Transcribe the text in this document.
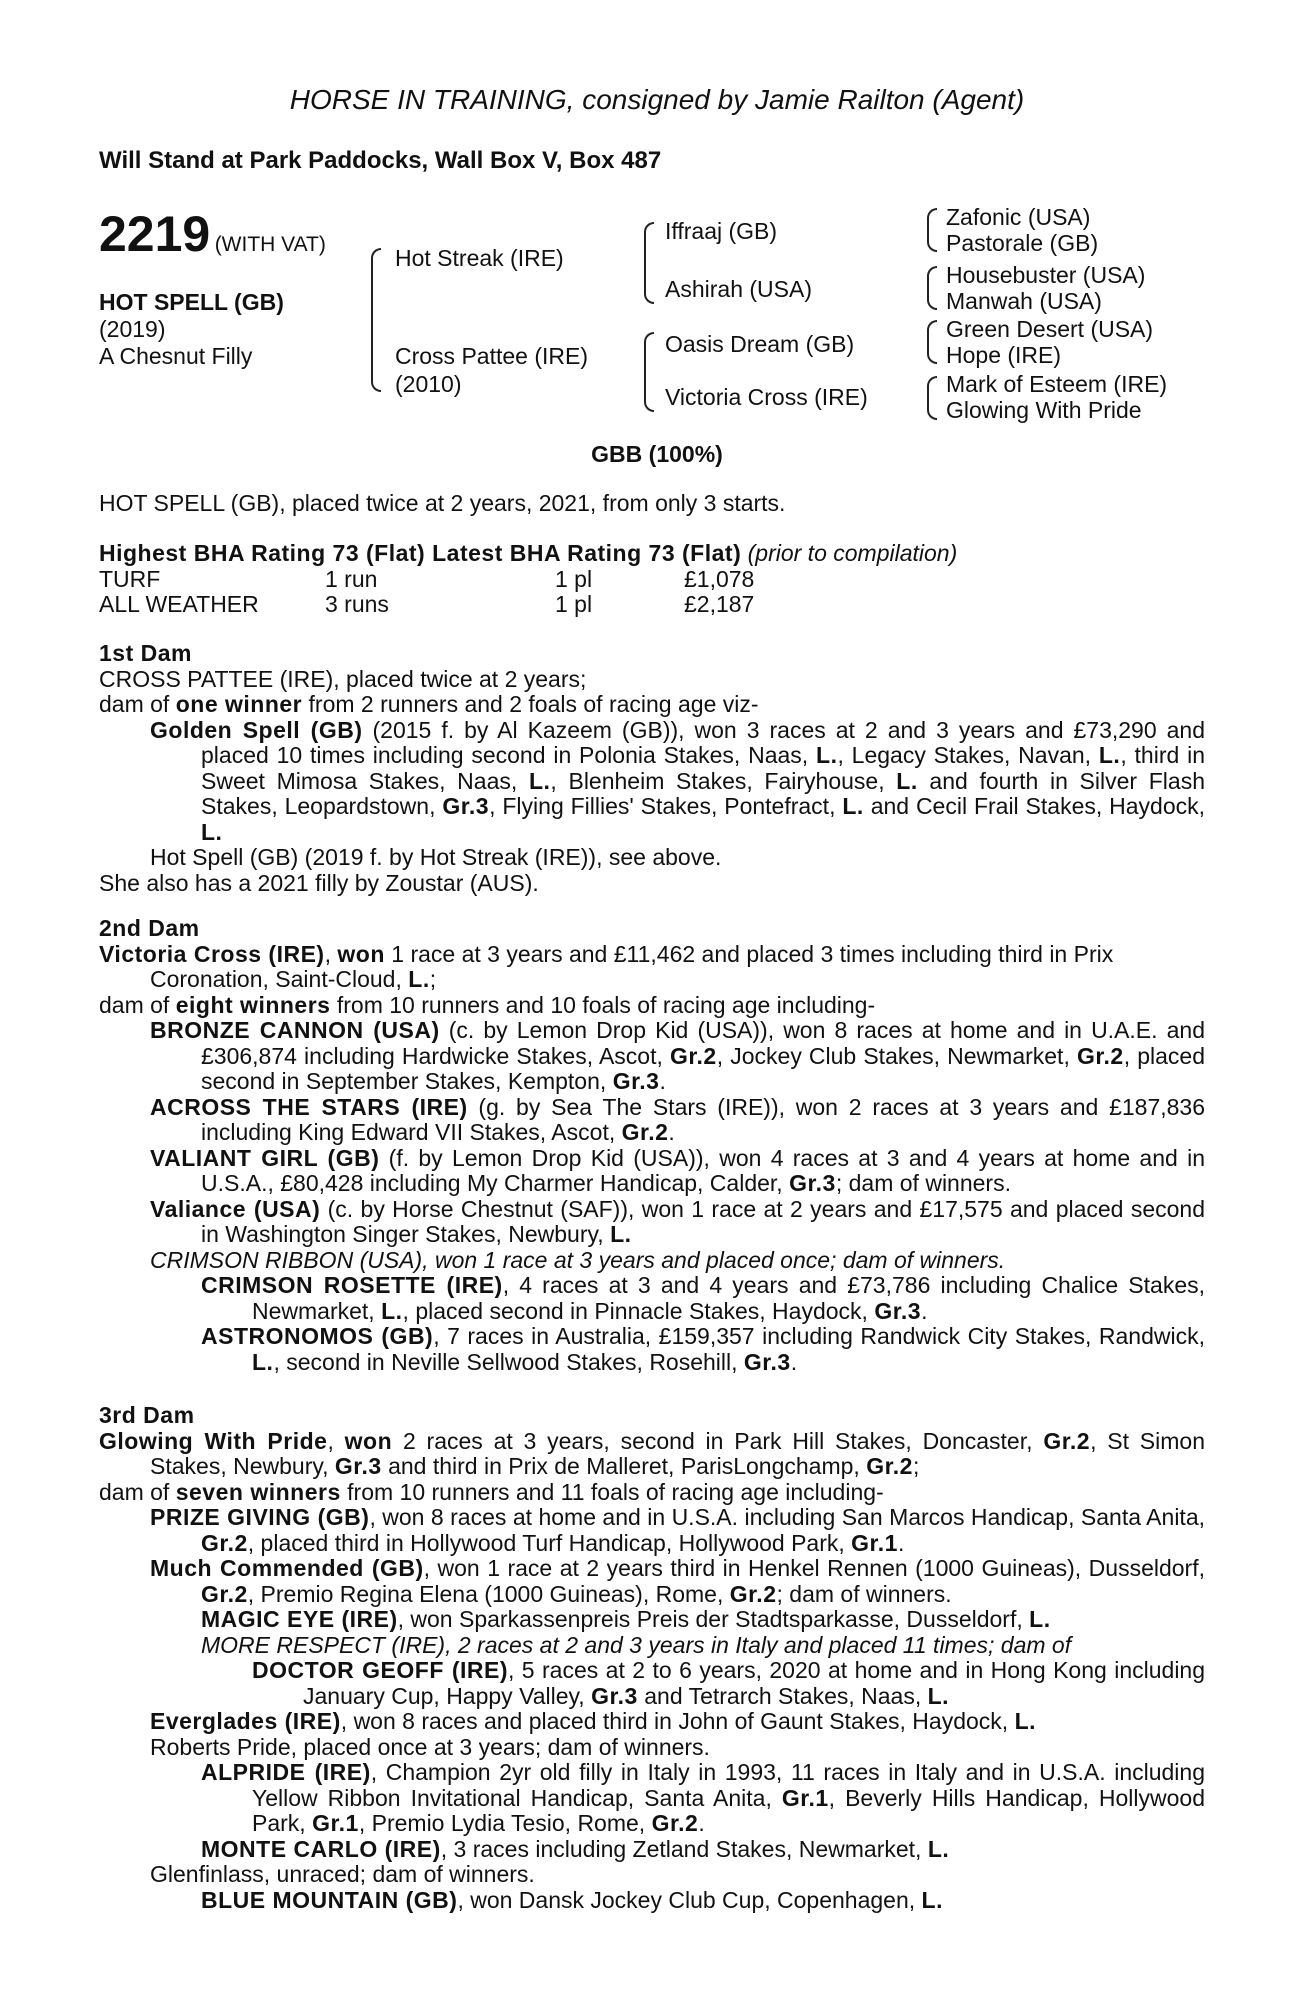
HORSE IN TRAINING, consigned by Jamie Railton (Agent)
Will Stand at Park Paddocks, Wall Box V, Box 487
2219 (WITH VAT)
HOT SPELL (GB)
(2019)
A Chesnut Filly
Hot Streak (IRE)
Cross Pattee (IRE)
(2010)
Iffraaj (GB)
Ashirah (USA)
Oasis Dream (GB)
Victoria Cross (IRE)
Zafonic (USA)
Pastorale (GB)
Housebuster (USA)
Manwah (USA)
Green Desert (USA)
Hope (IRE)
Mark of Esteem (IRE)
Glowing With Pride
GBB (100%)
HOT SPELL (GB), placed twice at 2 years, 2021, from only 3 starts.
Highest BHA Rating 73 (Flat) Latest BHA Rating 73 (Flat) (prior to compilation)
TURF	1 run	1 pl	£1,078
ALL WEATHER	3 runs	1 pl	£2,187

1st Dam

CROSS PATTEE (IRE), placed twice at 2 years;

dam of one winner from 2 runners and 2 foals of racing age viz-

Golden Spell (GB) (2015 f. by Al Kazeem (GB)), won 3 races at 2 and 3 years and £73,290 and placed 10 times including second in Polonia Stakes, Naas, L., Legacy Stakes, Navan, L., third in Sweet Mimosa Stakes, Naas, L., Blenheim Stakes, Fairyhouse, L. and fourth in Silver Flash Stakes, Leopardstown, Gr.3, Flying Fillies' Stakes, Pontefract, L. and Cecil Frail Stakes, Haydock, L.

Hot Spell (GB) (2019 f. by Hot Streak (IRE)), see above.

She also has a 2021 filly by Zoustar (AUS).

2nd Dam

Victoria Cross (IRE), won 1 race at 3 years and £11,462 and placed 3 times including third in Prix Coronation, Saint-Cloud, L.;

dam of eight winners from 10 runners and 10 foals of racing age including-

BRONZE CANNON (USA) (c. by Lemon Drop Kid (USA)), won 8 races at home and in U.A.E. and £306,874 including Hardwicke Stakes, Ascot, Gr.2, Jockey Club Stakes, Newmarket, Gr.2, placed second in September Stakes, Kempton, Gr.3.

ACROSS THE STARS (IRE) (g. by Sea The Stars (IRE)), won 2 races at 3 years and £187,836 including King Edward VII Stakes, Ascot, Gr.2.

VALIANT GIRL (GB) (f. by Lemon Drop Kid (USA)), won 4 races at 3 and 4 years at home and in U.S.A., £80,428 including My Charmer Handicap, Calder, Gr.3; dam of winners.

Valiance (USA) (c. by Horse Chestnut (SAF)), won 1 race at 2 years and £17,575 and placed second in Washington Singer Stakes, Newbury, L.

CRIMSON RIBBON (USA), won 1 race at 3 years and placed once; dam of winners.

CRIMSON ROSETTE (IRE), 4 races at 3 and 4 years and £73,786 including Chalice Stakes, Newmarket, L., placed second in Pinnacle Stakes, Haydock, Gr.3.

ASTRONOMOS (GB), 7 races in Australia, £159,357 including Randwick City Stakes, Randwick, L., second in Neville Sellwood Stakes, Rosehill, Gr.3.

3rd Dam

Glowing With Pride, won 2 races at 3 years, second in Park Hill Stakes, Doncaster, Gr.2, St Simon Stakes, Newbury, Gr.3 and third in Prix de Malleret, ParisLongchamp, Gr.2;

dam of seven winners from 10 runners and 11 foals of racing age including-

PRIZE GIVING (GB), won 8 races at home and in U.S.A. including San Marcos Handicap, Santa Anita, Gr.2, placed third in Hollywood Turf Handicap, Hollywood Park, Gr.1.

Much Commended (GB), won 1 race at 2 years third in Henkel Rennen (1000 Guineas), Dusseldorf, Gr.2, Premio Regina Elena (1000 Guineas), Rome, Gr.2; dam of winners.

MAGIC EYE (IRE), won Sparkassenpreis Preis der Stadtsparkasse, Dusseldorf, L.

MORE RESPECT (IRE), 2 races at 2 and 3 years in Italy and placed 11 times; dam of

DOCTOR GEOFF (IRE), 5 races at 2 to 6 years, 2020 at home and in Hong Kong including January Cup, Happy Valley, Gr.3 and Tetrarch Stakes, Naas, L.

Everglades (IRE), won 8 races and placed third in John of Gaunt Stakes, Haydock, L.

Roberts Pride, placed once at 3 years; dam of winners.

ALPRIDE (IRE), Champion 2yr old filly in Italy in 1993, 11 races in Italy and in U.S.A. including Yellow Ribbon Invitational Handicap, Santa Anita, Gr.1, Beverly Hills Handicap, Hollywood Park, Gr.1, Premio Lydia Tesio, Rome, Gr.2.

MONTE CARLO (IRE), 3 races including Zetland Stakes, Newmarket, L.

Glenfinlass, unraced; dam of winners.

BLUE MOUNTAIN (GB), won Dansk Jockey Club Cup, Copenhagen, L.
